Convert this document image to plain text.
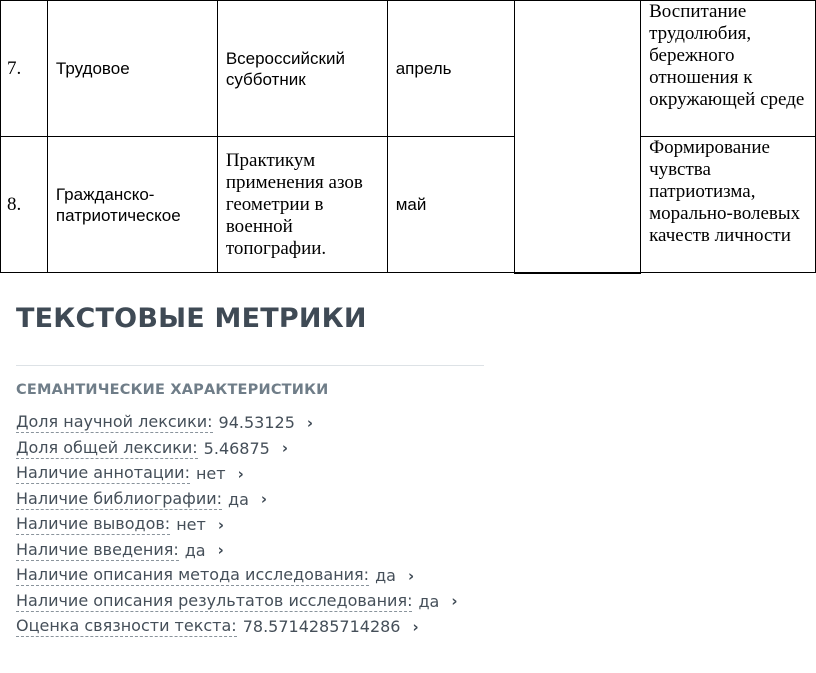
7.	Трудовое	Всероссийский субботник	апрель		Воспитание трудолюбия, бережного отношения к окружающей среде
8.	Гражданско-патриотическое	Практикум применения азов геометрии в военной топографии.	май		Формирование чувства патриотизма, морально-волевых качеств личности
ТЕКСТОВЫЕ МЕТРИКИ
СЕМАНТИЧЕСКИЕ ХАРАКТЕРИСТИКИ
Доля научной лексики: 94.53125 ›
Доля общей лексики: 5.46875 ›
Наличие аннотации: нет ›
Наличие библиографии: да ›
Наличие выводов: нет ›
Наличие введения: да ›
Наличие описания метода исследования: да ›
Наличие описания результатов исследования: да ›
Оценка связности текста: 78.5714285714286 ›
